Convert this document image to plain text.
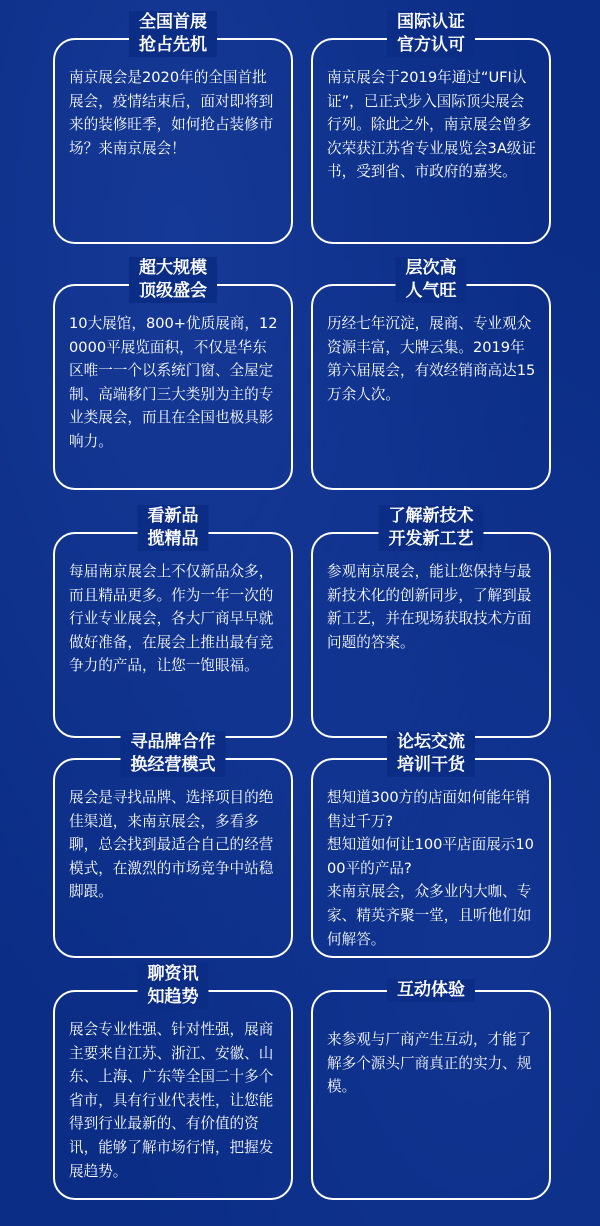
全国首展
抢占先机

南京展会是2020年的全国首批展会，疫情结束后，面对即将到来的装修旺季，如何抢占装修市场？来南京展会！

国际认证
官方认可

南京展会于2019年通过“UFI认证”，已正式步入国际顶尖展会行列。除此之外，南京展会曾多次荣获江苏省专业展览会3A级证书，受到省、市政府的嘉奖。

超大规模
顶级盛会

10大展馆，800+优质展商，120000平展览面积，不仅是华东区唯一一个以系统门窗、全屋定制、高端移门三大类别为主的专业类展会，而且在全国也极具影响力。

层次高
人气旺

历经七年沉淀，展商、专业观众资源丰富，大牌云集。2019年第六届展会，有效经销商高达15万余人次。

看新品
揽精品

每届南京展会上不仅新品众多，而且精品更多。作为一年一次的行业专业展会，各大厂商早早就做好准备，在展会上推出最有竞争力的产品，让您一饱眼福。

了解新技术
开发新工艺

参观南京展会，能让您保持与最新技术化的创新同步，了解到最新工艺，并在现场获取技术方面问题的答案。

寻品牌合作
换经营模式

展会是寻找品牌、选择项目的绝佳渠道，来南京展会，多看多聊，总会找到最适合自己的经营模式，在激烈的市场竞争中站稳脚跟。

论坛交流
培训干货

想知道300方的店面如何能年销售过千万?

想知道如何让100平店面展示1000平的产品?

来南京展会，众多业内大咖、专家、精英齐聚一堂，且听他们如何解答。

聊资讯
知趋势

展会专业性强、针对性强，展商主要来自江苏、浙江、安徽、山东、上海、广东等全国二十多个省市，具有行业代表性，让您能得到行业最新的、有价值的资讯，能够了解市场行情，把握发展趋势。

互动体验

来参观与厂商产生互动，才能了解多个源头厂商真正的实力、规模。
